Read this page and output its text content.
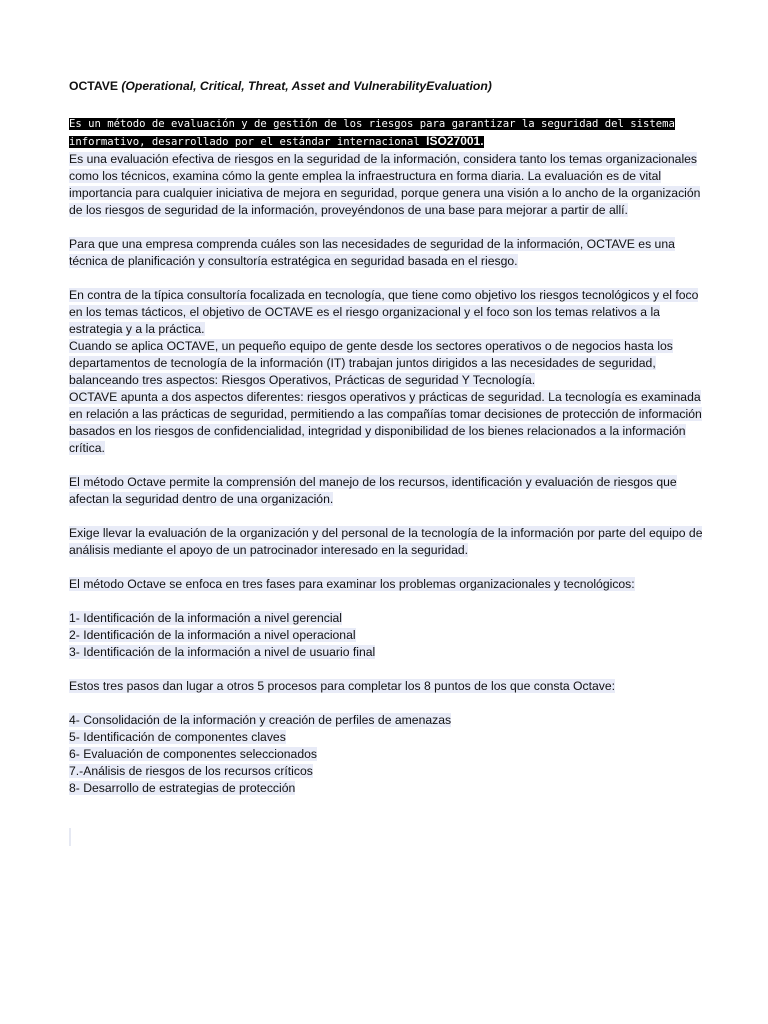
OCTAVE (Operational, Critical, Threat, Asset and VulnerabilityEvaluation)

Es un método de evaluación y de gestión de los riesgos para garantizar la seguridad del sistema informativo, desarrollado por el estándar internacional ISO27001.

Es una evaluación efectiva de riesgos en la seguridad de la información, considera tanto los temas organizacionales como los técnicos, examina cómo la gente emplea la infraestructura en forma diaria. La evaluación es de vital importancia para cualquier iniciativa de mejora en seguridad, porque genera una visión a lo ancho de la organización de los riesgos de seguridad de la información, proveyéndonos de una base para mejorar a partir de allí.

Para que una empresa comprenda cuáles son las necesidades de seguridad de la información, OCTAVE es una técnica de planificación y consultoría estratégica en seguridad basada en el riesgo.

En contra de la típica consultoría focalizada en tecnología, que tiene como objetivo los riesgos tecnológicos y el foco en los temas tácticos, el objetivo de OCTAVE es el riesgo organizacional y el foco son los temas relativos a la estrategia y a la práctica.

Cuando se aplica OCTAVE, un pequeño equipo de gente desde los sectores operativos o de negocios hasta los departamentos de tecnología de la información (IT) trabajan juntos dirigidos a las necesidades de seguridad, balanceando tres aspectos: Riesgos Operativos, Prácticas de seguridad Y Tecnología.

OCTAVE apunta a dos aspectos diferentes: riesgos operativos y prácticas de seguridad. La tecnología es examinada en relación a las prácticas de seguridad, permitiendo a las compañías tomar decisiones de protección de información basados en los riesgos de confidencialidad, integridad y disponibilidad de los bienes relacionados a la información crítica.

El método Octave permite la comprensión del manejo de los recursos, identificación y evaluación de riesgos que afectan la seguridad dentro de una organización.

Exige llevar la evaluación de la organización y del personal de la tecnología de la información por parte del equipo de análisis mediante el apoyo de un patrocinador interesado en la seguridad.

El método Octave se enfoca en tres fases para examinar los problemas organizacionales y tecnológicos:

1- Identificación de la información a nivel gerencial
2- Identificación de la información a nivel operacional
3- Identificación de la información a nivel de usuario final

Estos tres pasos dan lugar a otros 5 procesos para completar los 8 puntos de los que consta Octave:

4- Consolidación de la información y creación de perfiles de amenazas
5- Identificación de componentes claves
6- Evaluación de componentes seleccionados
7.-Análisis de riesgos de los recursos críticos
8- Desarrollo de estrategias de protección
